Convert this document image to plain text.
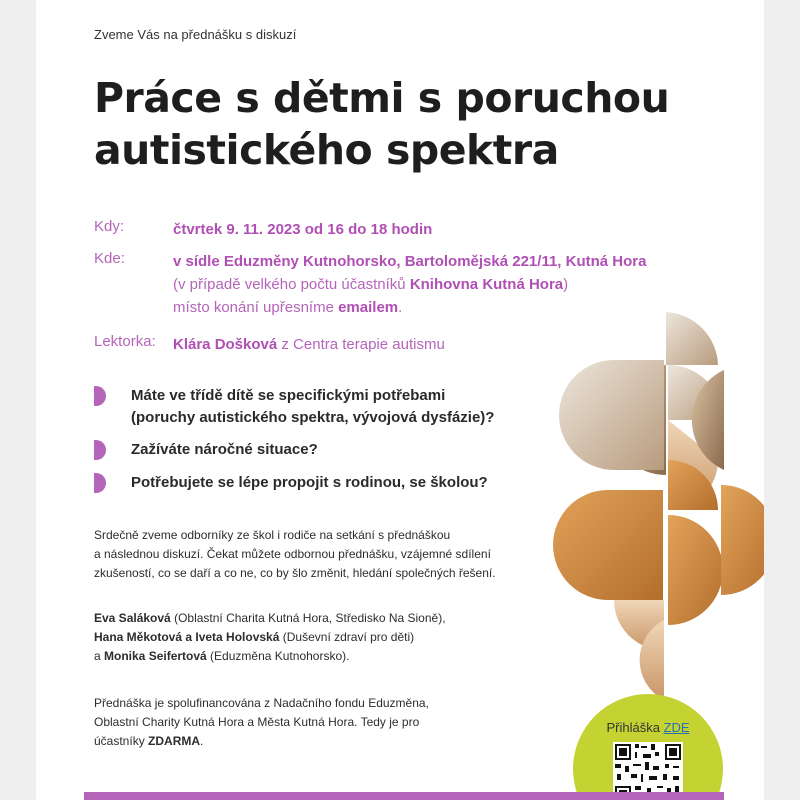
Zveme Vás na přednášku s diskuzí
Práce s dětmi s poruchou
autistického spektra
Kdy:	čtvrtek 9. 11. 2023 od 16 do 18 hodin
Kde:	v sídle Eduzměny Kutnohorsko, Bartolomějská 221/11, Kutná Hora
(v případě velkého počtu účastníků Knihovna Kutná Hora)
místo konání upřesníme emailem.
Lektorka: Klára Došková z Centra terapie autismu
Máte ve třídě dítě se specifickými potřebami
(poruchy autistického spektra, vývojová dysfázie)?
Zažíváte náročné situace?
Potřebujete se lépe propojit s rodinou, se školou?
Srdečně zveme odborníky ze škol i rodiče na setkání s přednáškou
a následnou diskuzí. Čekat můžete odbornou přednášku, vzájemné sdílení
zkušeností, co se daří a co ne, co by šlo změnit, hledání společných řešení.
Eva Saláková (Oblastní Charita Kutná Hora, Středisko Na Sioně),
Hana Měkotová a Iveta Holovská (Duševní zdraví pro děti)
a Monika Seifertová (Eduzměna Kutnohorsko).
Přednáška je spolufinancována z Nadačního fondu Eduzměna,
Oblastní Charity Kutná Hora a Města Kutná Hora. Tedy je pro
účastníky ZDARMA.
Přihláška ZDE
